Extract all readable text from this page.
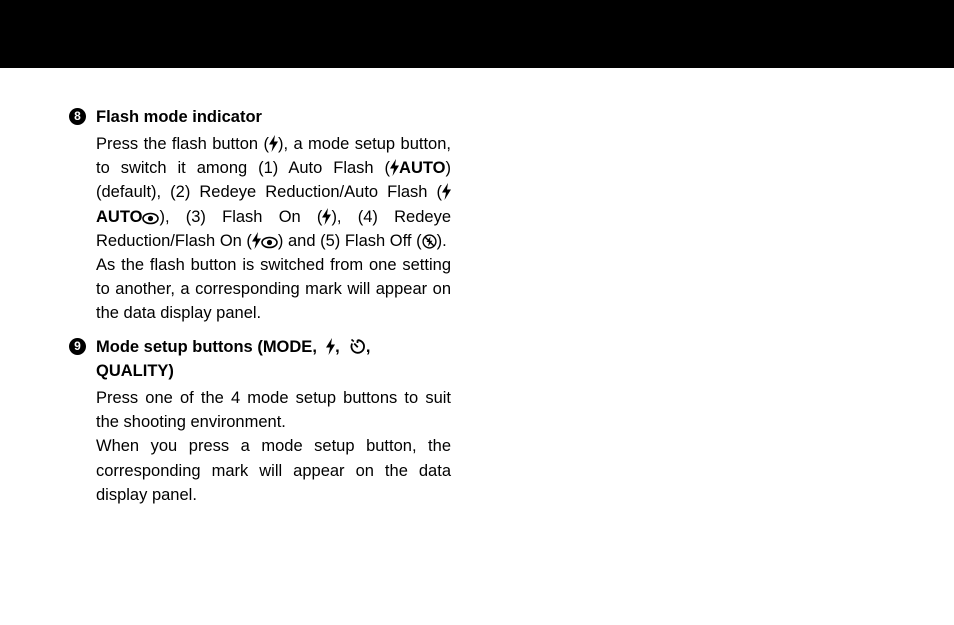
8 Flash mode indicator

Press the flash button ( ), a mode setup button, to switch it among (1) Auto Flash ( AUTO) (default), (2) Redeye Reduction/Auto Flash (AUTO ), (3) Flash On ( ), (4) Redeye Reduction/Flash On ( ) and (5) Flash Off ( ).

As the flash button is switched from one setting to another, a corresponding mark will appear on the data display panel.

9 Mode setup buttons (MODE, , ,
QUALITY)

Press one of the 4 mode setup buttons to suit the shooting environment.

When you press a mode setup button, the corresponding mark will appear on the data display panel.
